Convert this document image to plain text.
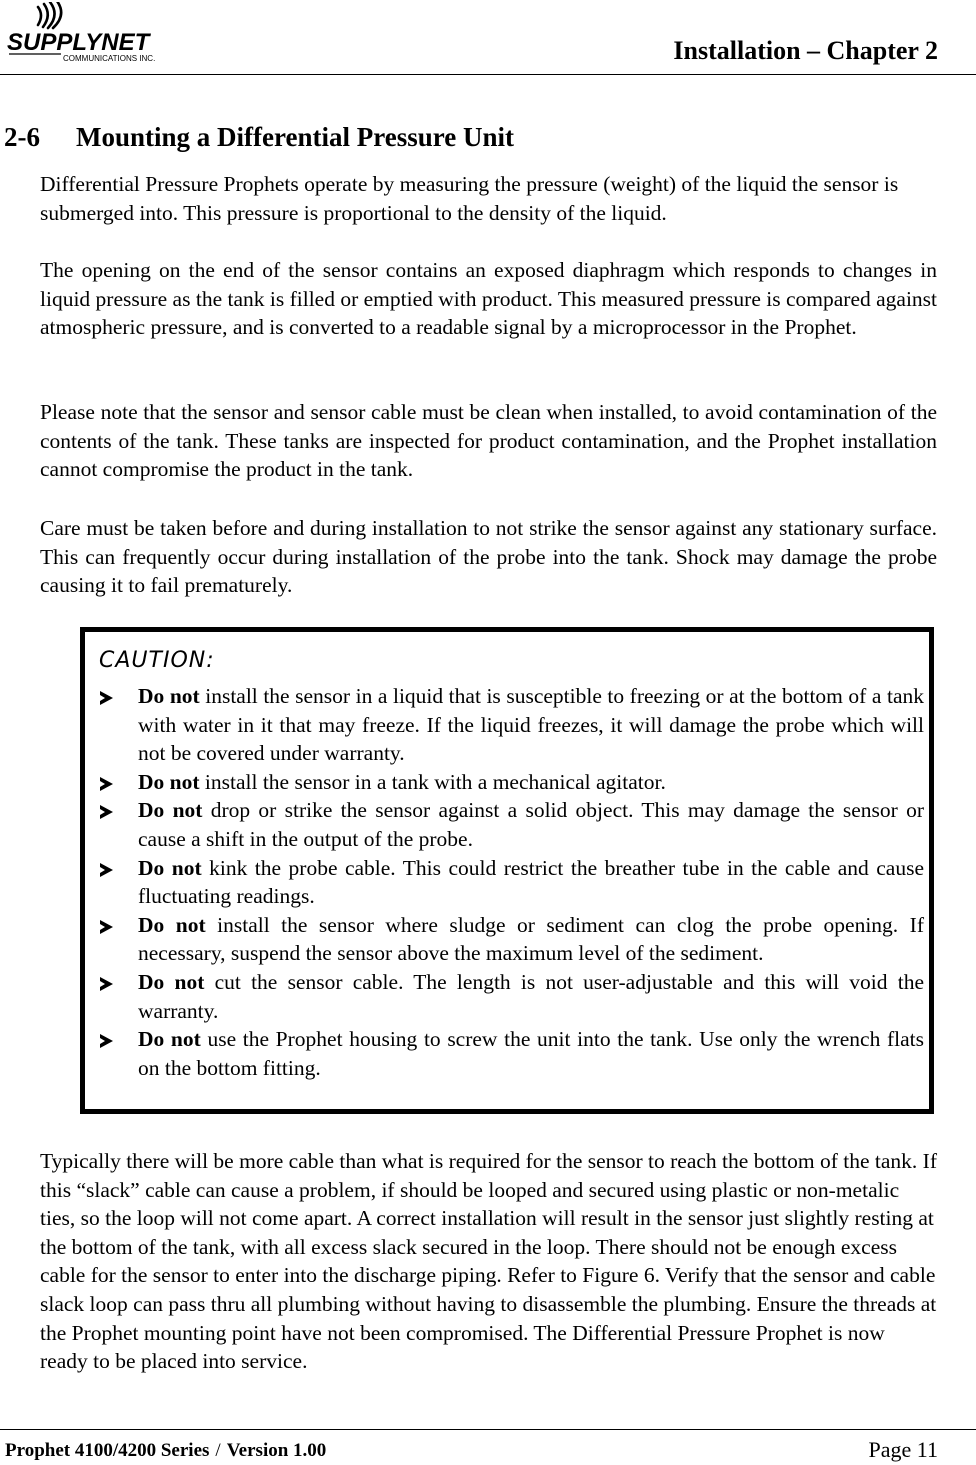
SUPPLYNET
COMMUNICATIONS INC.	Installation – Chapter 2
2-6 Mounting a Differential Pressure Unit
Differential Pressure Prophets operate by measuring the pressure (weight) of the liquid the sensor is submerged into. This pressure is proportional to the density of the liquid.
The opening on the end of the sensor contains an exposed diaphragm which responds to changes in liquid pressure as the tank is filled or emptied with product. This measured pressure is compared against atmospheric pressure, and is converted to a readable signal by a microprocessor in the Prophet.
Please note that the sensor and sensor cable must be clean when installed, to avoid contamination of the contents of the tank. These tanks are inspected for product contamination, and the Prophet installation cannot compromise the product in the tank.
Care must be taken before and during installation to not strike the sensor against any stationary surface. This can frequently occur during installation of the probe into the tank. Shock may damage the probe causing it to fail prematurely.
CAUTION:
Do not install the sensor in a liquid that is susceptible to freezing or at the bottom of a tank with water in it that may freeze. If the liquid freezes, it will damage the probe which will not be covered under warranty.
Do not install the sensor in a tank with a mechanical agitator.
Do not drop or strike the sensor against a solid object. This may damage the sensor or cause a shift in the output of the probe.
Do not kink the probe cable. This could restrict the breather tube in the cable and cause fluctuating readings.
Do not install the sensor where sludge or sediment can clog the probe opening. If necessary, suspend the sensor above the maximum level of the sediment.
Do not cut the sensor cable. The length is not user-adjustable and this will void the warranty.
Do not use the Prophet housing to screw the unit into the tank. Use only the wrench flats on the bottom fitting.
Typically there will be more cable than what is required for the sensor to reach the bottom of the tank. If this “slack” cable can cause a problem, if should be looped and secured using plastic or non-metalic ties, so the loop will not come apart. A correct installation will result in the sensor just slightly resting at the bottom of the tank, with all excess slack secured in the loop. There should not be enough excess cable for the sensor to enter into the discharge piping. Refer to Figure 6. Verify that the sensor and cable slack loop can pass thru all plumbing without having to disassemble the plumbing. Ensure the threads at the Prophet mounting point have not been compromised. The Differential Pressure Prophet is now ready to be placed into service.
Prophet 4100/4200 Series / Version 1.00	Page 11
